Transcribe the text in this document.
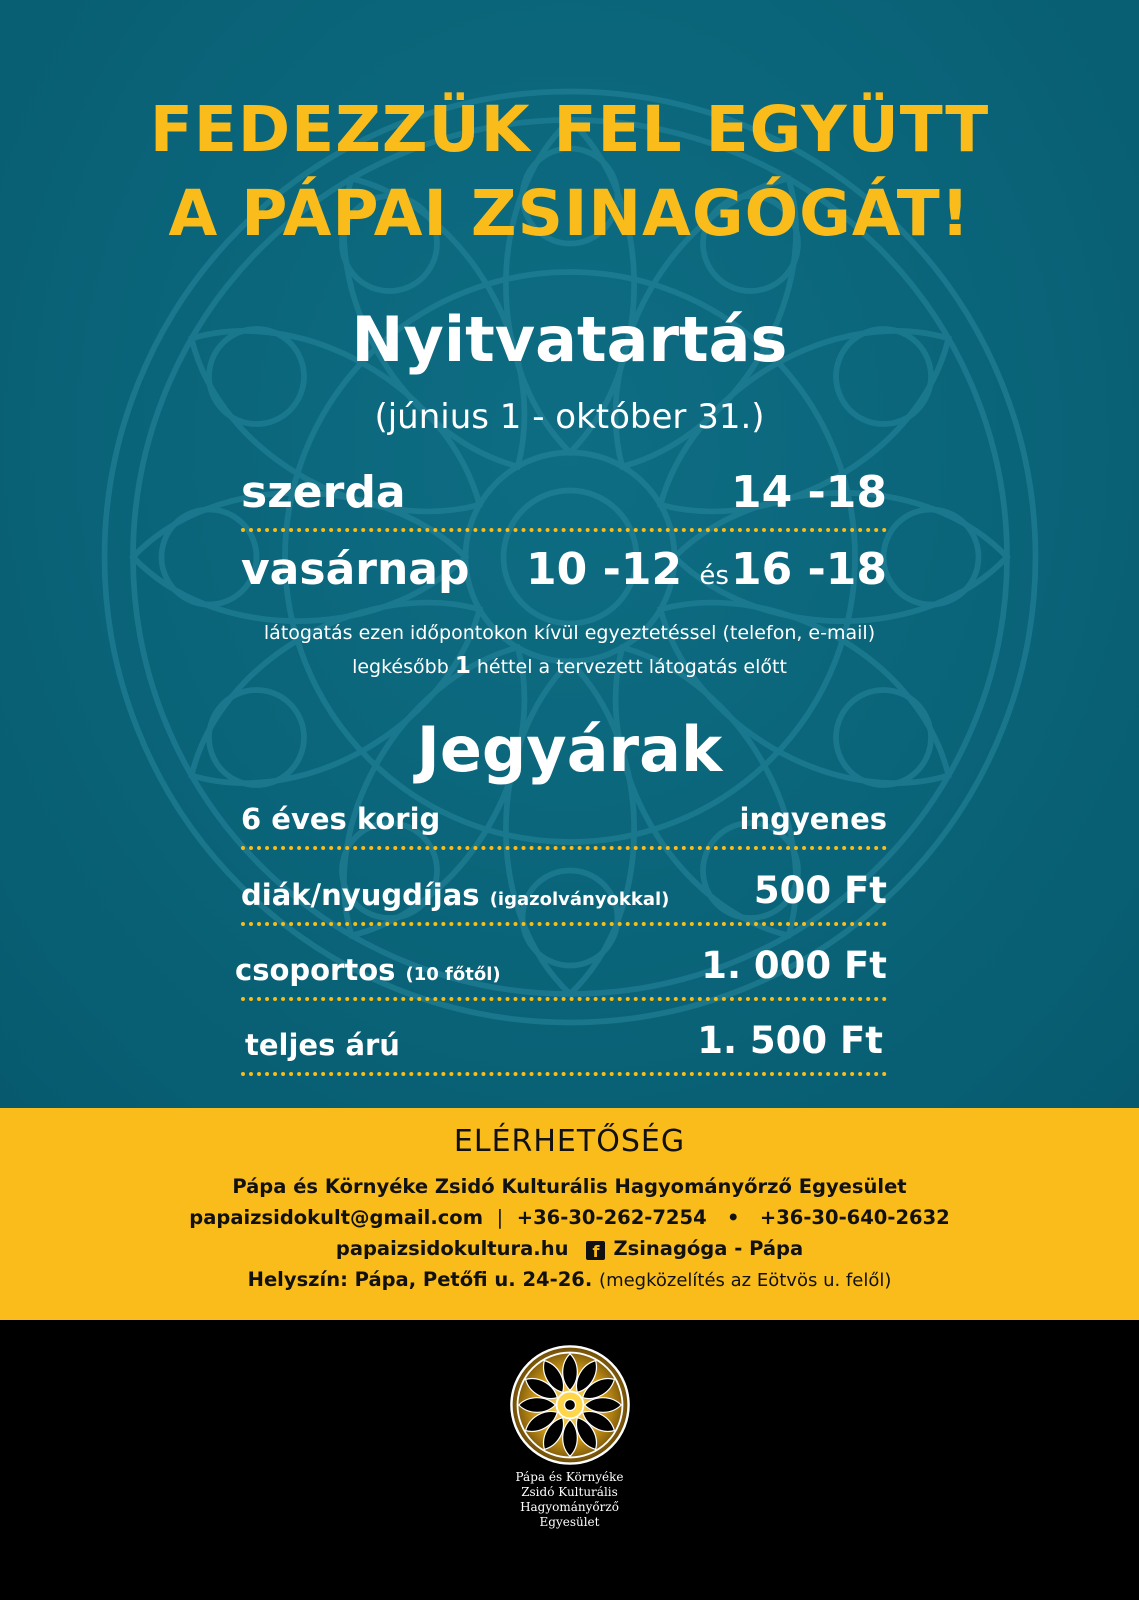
FEDEZZÜK FEL EGYÜTT
A PÁPAI ZSINAGÓGÁT!
Nyitvatartás
(június 1 - október 31.)
szerda	14 -18
vasárnap 10 -12 és16 -18
látogatás ezen időpontokon kívül egyeztetéssel (telefon, e-mail)
legkésőbb 1 héttel a tervezett látogatás előtt
Jegyárak
6 éves korig	ingyenes
diák/nyugdíjas (igazolványokkal) 500 Ft
csoportos (10 főtől)	1. 000 Ft
teljes árú	1. 500 Ft
ELÉRHETŐSÉG
Pápa és Környéke Zsidó Kulturális Hagyományőrző Egyesület
papaizsidokult@gmail.com | +36-30-262-7254 • +36-30-640-2632
papaizsidokultura.hu f Zsinagóga - Pápa
Helyszín: Pápa, Petőfi u. 24-26. (megközelítés az Eötvös u. felől)
Pápa és Környéke
Zsidó Kulturális
Hagyományőrző
Egyesület
